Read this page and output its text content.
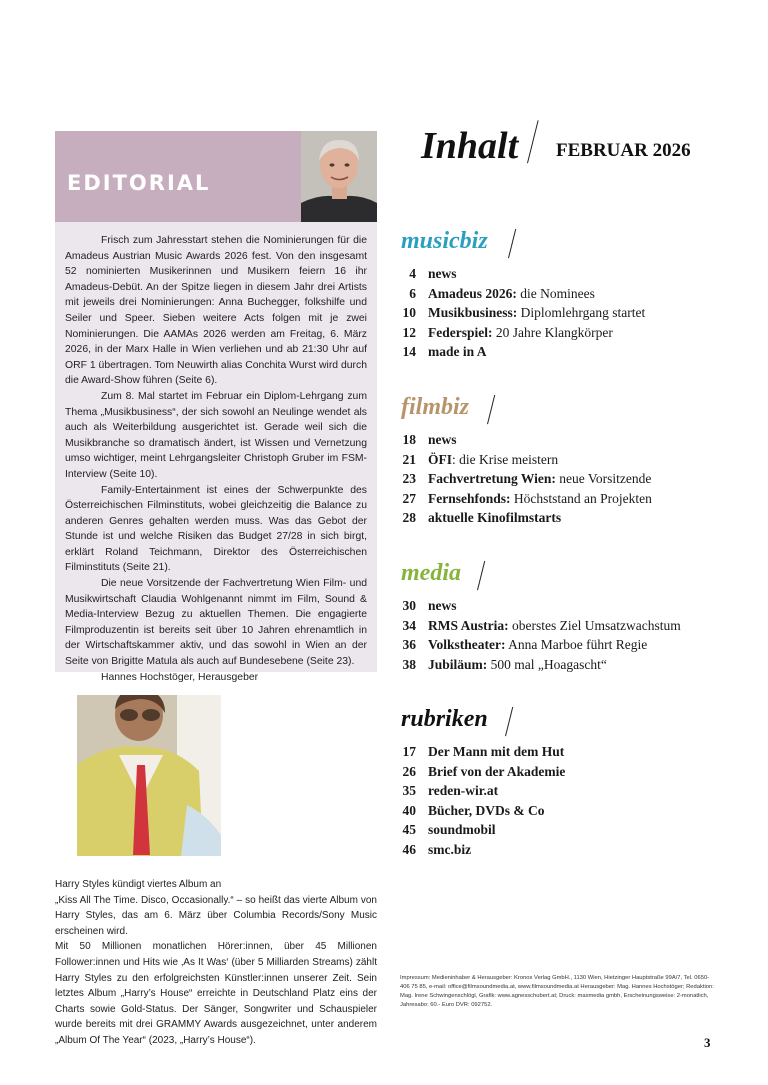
EDITORIAL

Frisch zum Jahresstart stehen die Nominierungen für die Amadeus Austrian Music Awards 2026 fest. Von den insgesamt 52 nominierten Musikerinnen und Musikern feiern 16 ihr Amadeus-Debüt. An der Spitze liegen in diesem Jahr drei Artists mit jeweils drei Nominierungen: Anna Buchegger, folkshilfe und Seiler und Speer. Sieben weitere Acts folgen mit je zwei Nominierungen. Die AAMAs 2026 werden am Freitag, 6. März 2026, in der Marx Halle in Wien verliehen und ab 21:30 Uhr auf ORF 1 übertragen. Tom Neuwirth alias Conchita Wurst wird durch die Award-Show führen (Seite 6).

Zum 8. Mal startet im Februar ein Diplom-Lehrgang zum Thema „Musikbusiness“, der sich sowohl an Neulinge wendet als auch als Weiterbildung ausgerichtet ist. Gerade weil sich die Musikbranche so dramatisch ändert, ist Wissen und Vernetzung umso wichtiger, meint Lehrgangsleiter Christoph Gruber im FSM-Interview (Seite 10).

Family-Entertainment ist eines der Schwerpunkte des Österreichischen Filminstituts, wobei gleichzeitig die Balance zu anderen Genres gehalten werden muss. Was das Gebot der Stunde ist und welche Risiken das Budget 27/28 in sich birgt, erklärt Roland Teichmann, Direktor des Österreichischen Filminstituts (Seite 21).

Die neue Vorsitzende der Fachvertretung Wien Film- und Musikwirtschaft Claudia Wohlgenannt nimmt im Film, Sound & Media-Interview Bezug zu aktuellen Themen. Die engagierte Filmproduzentin ist bereits seit über 10 Jahren ehrenamtlich in der Wirtschaftskammer aktiv, und das sowohl in Wien an der Seite von Brigitte Matula als auch auf Bundesebene (Seite 23).

Hannes Hochstöger, Herausgeber

Harry Styles kündigt viertes Album an
„Kiss All The Time. Disco, Occasionally.“ – so heißt das vierte Album von Harry Styles, das am 6. März über Columbia Records/Sony Music erscheinen wird.
Mit 50 Millionen monatlichen Hörer:innen, über 45 Millionen Follower:innen und Hits wie ‚As It Was‘ (über 5 Milliarden Streams) zählt Harry Styles zu den erfolgreichsten Künstler:innen unserer Zeit. Sein letztes Album „Harry’s House“ erreichte in Deutschland Platz eins der Charts sowie Gold-Status. Der Sänger, Songwriter und Schauspieler wurde bereits mit drei GRAMMY Awards ausgezeichnet, unter anderem „Album Of The Year“ (2023, „Harry’s House“).
Inhalt FEBRUAR 2026
musicbiz
4 news
6 Amadeus 2026: die Nominees
10 Musikbusiness: Diplomlehrgang startet
12 Federspiel: 20 Jahre Klangkörper
14 made in A
filmbiz
18 news
21 ÖFI: die Krise meistern
23 Fachvertretung Wien: neue Vorsitzende
27 Fernsehfonds: Höchststand an Projekten
28 aktuelle Kinofilmstarts
media
30 news
34 RMS Austria: oberstes Ziel Umsatzwachstum
36 Volkstheater: Anna Marboe führt Regie
38 Jubiläum: 500 mal „Hoagascht“
rubriken
17 Der Mann mit dem Hut
26 Brief von der Akademie
35 reden-wir.at
40 Bücher, DVDs & Co
45 soundmobil
46 smc.biz
Impressum: Medieninhaber & Herausgeber: Kronos Verlag GmbH., 1130 Wien, Hietzinger Hauptstraße 99A/7, Tel. 0650-406 75 85, e-mail: office@filmsoundmedia.at, www.filmsoundmedia.at Herausgeber: Mag. Hannes Hochstöger; Redaktion: Mag. Irene Schwingenschlögl, Grafik: www.agnesschubert.at; Druck: maxmedia gmbh, Erscheinungsweise: 2-monatlich, Jahresabo: 60.- Euro DVR: 092752.
3
